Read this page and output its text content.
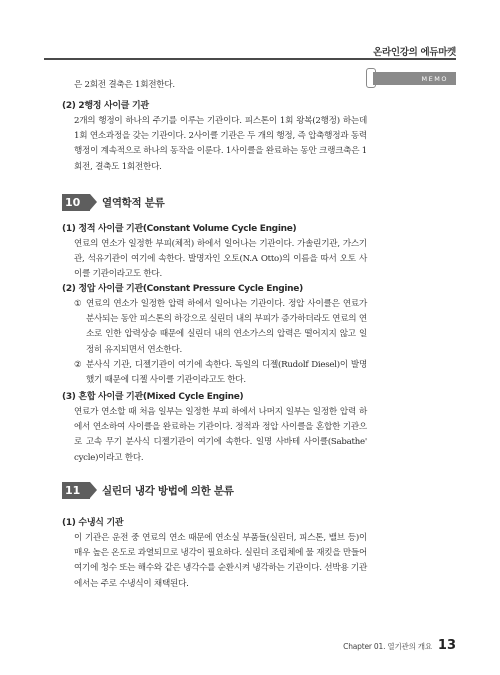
온라인강의 에듀마켓
MEMO

은 2회전 결축은 1회전한다.

(2) 2행정 사이클 기관

2개의 행정이 하나의 주기를 이루는 기관이다. 피스톤이 1회 왕복(2행정) 하는데 1회 연소과정을 갖는 기관이다. 2사이클 기관은 두 개의 행정, 즉 압축행정과 동력행정이 계속적으로 하나의 동작을 이룬다. 1사이클을 완료하는 동안 크랭크축은 1회전, 결축도 1회전한다.

10	열역학적 분류

(1) 정적 사이클 기관(Constant Volume Cycle Engine)

연료의 연소가 일정한 부피(체적) 하에서 일어나는 기관이다. 가솔린기관, 가스기관, 석유기관이 여기에 속한다. 발명자인 오토(N.A Otto)의 이름을 따서 오토 사이클 기관이라고도 한다.

(2) 정압 사이클 기관(Constant Pressure Cycle Engine)

① 연료의 연소가 일정한 압력 하에서 일어나는 기관이다. 정압 사이클은 연료가 분사되는 동안 피스톤의 하강으로 실린더 내의 부피가 증가하더라도 연료의 연소로 인한 압력상승 때문에 실린더 내의 연소가스의 압력은 떨어지지 않고 일정히 유지되면서 연소한다.

② 분사식 기관, 디젤기관이 여기에 속한다. 독일의 디젤(Rudolf Diesel)이 발명했기 때문에 디젤 사이클 기관이라고도 한다.

(3) 혼합 사이클 기관(Mixed Cycle Engine)

연료가 연소할 때 처음 일부는 일정한 부피 하에서 나머지 일부는 일정한 압력 하에서 연소하여 사이클을 완료하는 기관이다. 정적과 정압 사이클을 혼합한 기관으로 고속 무기 분사식 디젤기관이 여기에 속한다. 일명 사바테 사이클(Sabathe' cycle)이라고 한다.

11	실린더 냉각 방법에 의한 분류

(1) 수냉식 기관

이 기관은 운전 중 연료의 연소 때문에 연소실 부품들(실린더, 피스톤, 밸브 등)이 매우 높은 온도로 과열되므로 냉각이 필요하다. 실린더 조립체에 물 재킷을 만들어 여기에 청수 또는 해수와 같은 냉각수를 순환시켜 냉각하는 기관이다. 선박용 기관에서는 주로 수냉식이 채택된다.

Chapter 01. 열기관의 개요 13
